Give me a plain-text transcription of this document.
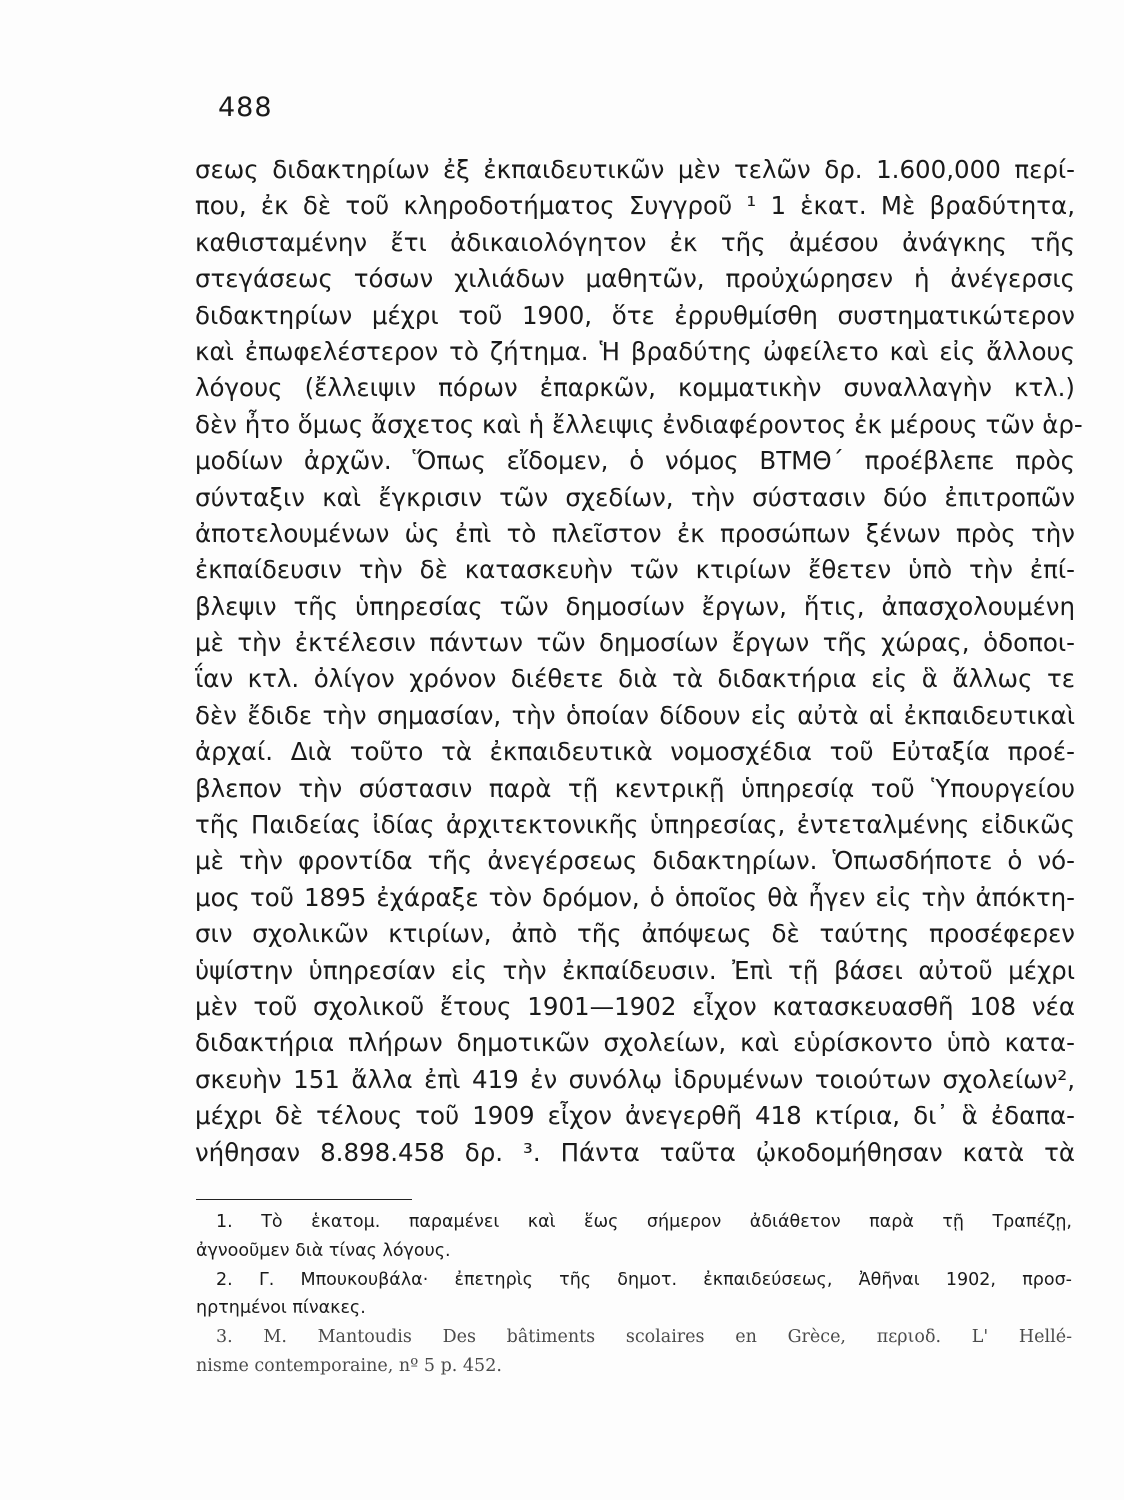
488
σεως διδακτηρίων ἐξ ἐκπαιδευτικῶν μὲν τελῶν δρ. 1.600,000 περί-
που, ἐκ δὲ τοῦ κληροδοτήματος Συγγροῦ ¹ 1 ἑκατ. Μὲ βραδύτητα,
καθισταμένην ἔτι ἀδικαιολόγητον ἐκ τῆς ἀμέσου ἀνάγκης τῆς
στεγάσεως τόσων χιλιάδων μαθητῶν, προὐχώρησεν ἡ ἀνέγερσις
διδακτηρίων μέχρι τοῦ 1900, ὅτε ἐρρυθμίσθη συστηματικώτερον
καὶ ἐπωφελέστερον τὸ ζήτημα. Ἡ βραδύτης ὠφείλετο καὶ εἰς ἄλλους
λόγους (ἔλλειψιν πόρων ἐπαρκῶν, κομματικὴν συναλλαγὴν κτλ.)
δὲν ἦτο ὅμως ἄσχετος καὶ ἡ ἔλλειψις ἐνδιαφέροντος ἐκ μέρους τῶν ἁρ-
μοδίων ἀρχῶν. Ὅπως εἴδομεν, ὁ νόμος ΒΤΜΘ΄ προέβλεπε πρὸς
σύνταξιν καὶ ἔγκρισιν τῶν σχεδίων, τὴν σύστασιν δύο ἐπιτροπῶν
ἀποτελουμένων ὡς ἐπὶ τὸ πλεῖστον ἐκ προσώπων ξένων πρὸς τὴν
ἐκπαίδευσιν τὴν δὲ κατασκευὴν τῶν κτιρίων ἔθετεν ὑπὸ τὴν ἐπί-
βλεψιν τῆς ὑπηρεσίας τῶν δημοσίων ἔργων, ἥτις, ἀπασχολουμένη
μὲ τὴν ἐκτέλεσιν πάντων τῶν δημοσίων ἔργων τῆς χώρας, ὁδοποι-
ΐαν κτλ. ὀλίγον χρόνον διέθετε διὰ τὰ διδακτήρια εἰς ἃ ἄλλως τε
δὲν ἔδιδε τὴν σημασίαν, τὴν ὁποίαν δίδουν εἰς αὐτὰ αἱ ἐκπαιδευτικαὶ
ἀρχαί. Διὰ τοῦτο τὰ ἐκπαιδευτικὰ νομοσχέδια τοῦ Εὐταξία προέ-
βλεπον τὴν σύστασιν παρὰ τῇ κεντρικῇ ὑπηρεσίᾳ τοῦ Ὑπουργείου
τῆς Παιδείας ἰδίας ἀρχιτεκτονικῆς ὑπηρεσίας, ἐντεταλμένης εἰδικῶς
μὲ τὴν φροντίδα τῆς ἀνεγέρσεως διδακτηρίων. Ὁπωσδήποτε ὁ νό-
μος τοῦ 1895 ἐχάραξε τὸν δρόμον, ὁ ὁποῖος θὰ ἦγεν εἰς τὴν ἀπόκτη-
σιν σχολικῶν κτιρίων, ἀπὸ τῆς ἀπόψεως δὲ ταύτης προσέφερεν
ὑψίστην ὑπηρεσίαν εἰς τὴν ἐκπαίδευσιν. Ἐπὶ τῇ βάσει αὐτοῦ μέχρι
μὲν τοῦ σχολικοῦ ἔτους 1901—1902 εἶχον κατασκευασθῆ 108 νέα
διδακτήρια πλήρων δημοτικῶν σχολείων, καὶ εὑρίσκοντο ὑπὸ κατα-
σκευὴν 151 ἄλλα ἐπὶ 419 ἐν συνόλῳ ἱδρυμένων τοιούτων σχολείων²,
μέχρι δὲ τέλους τοῦ 1909 εἶχον ἀνεγερθῆ 418 κτίρια, δι᾽ ἃ ἐδαπα-
νήθησαν 8.898.458 δρ. ³. Πάντα ταῦτα ᾠκοδομήθησαν κατὰ τὰ
1. Τὸ ἑκατομ. παραμένει καὶ ἕως σήμερον ἀδιάθετον παρὰ τῇ Τραπέζῃ,
ἀγνοοῦμεν διὰ τίνας λόγους.
2. Γ. Μπουκουβάλα· ἐπετηρὶς τῆς δημοτ. ἐκπαιδεύσεως, Ἀθῆναι 1902, προσ-
ηρτημένοι πίνακες.
3. M. Mantoudis Des bâtiments scolaires en Grèce, περιοδ. L' Hellé-
nisme contemporaine, nº 5 p. 452.
